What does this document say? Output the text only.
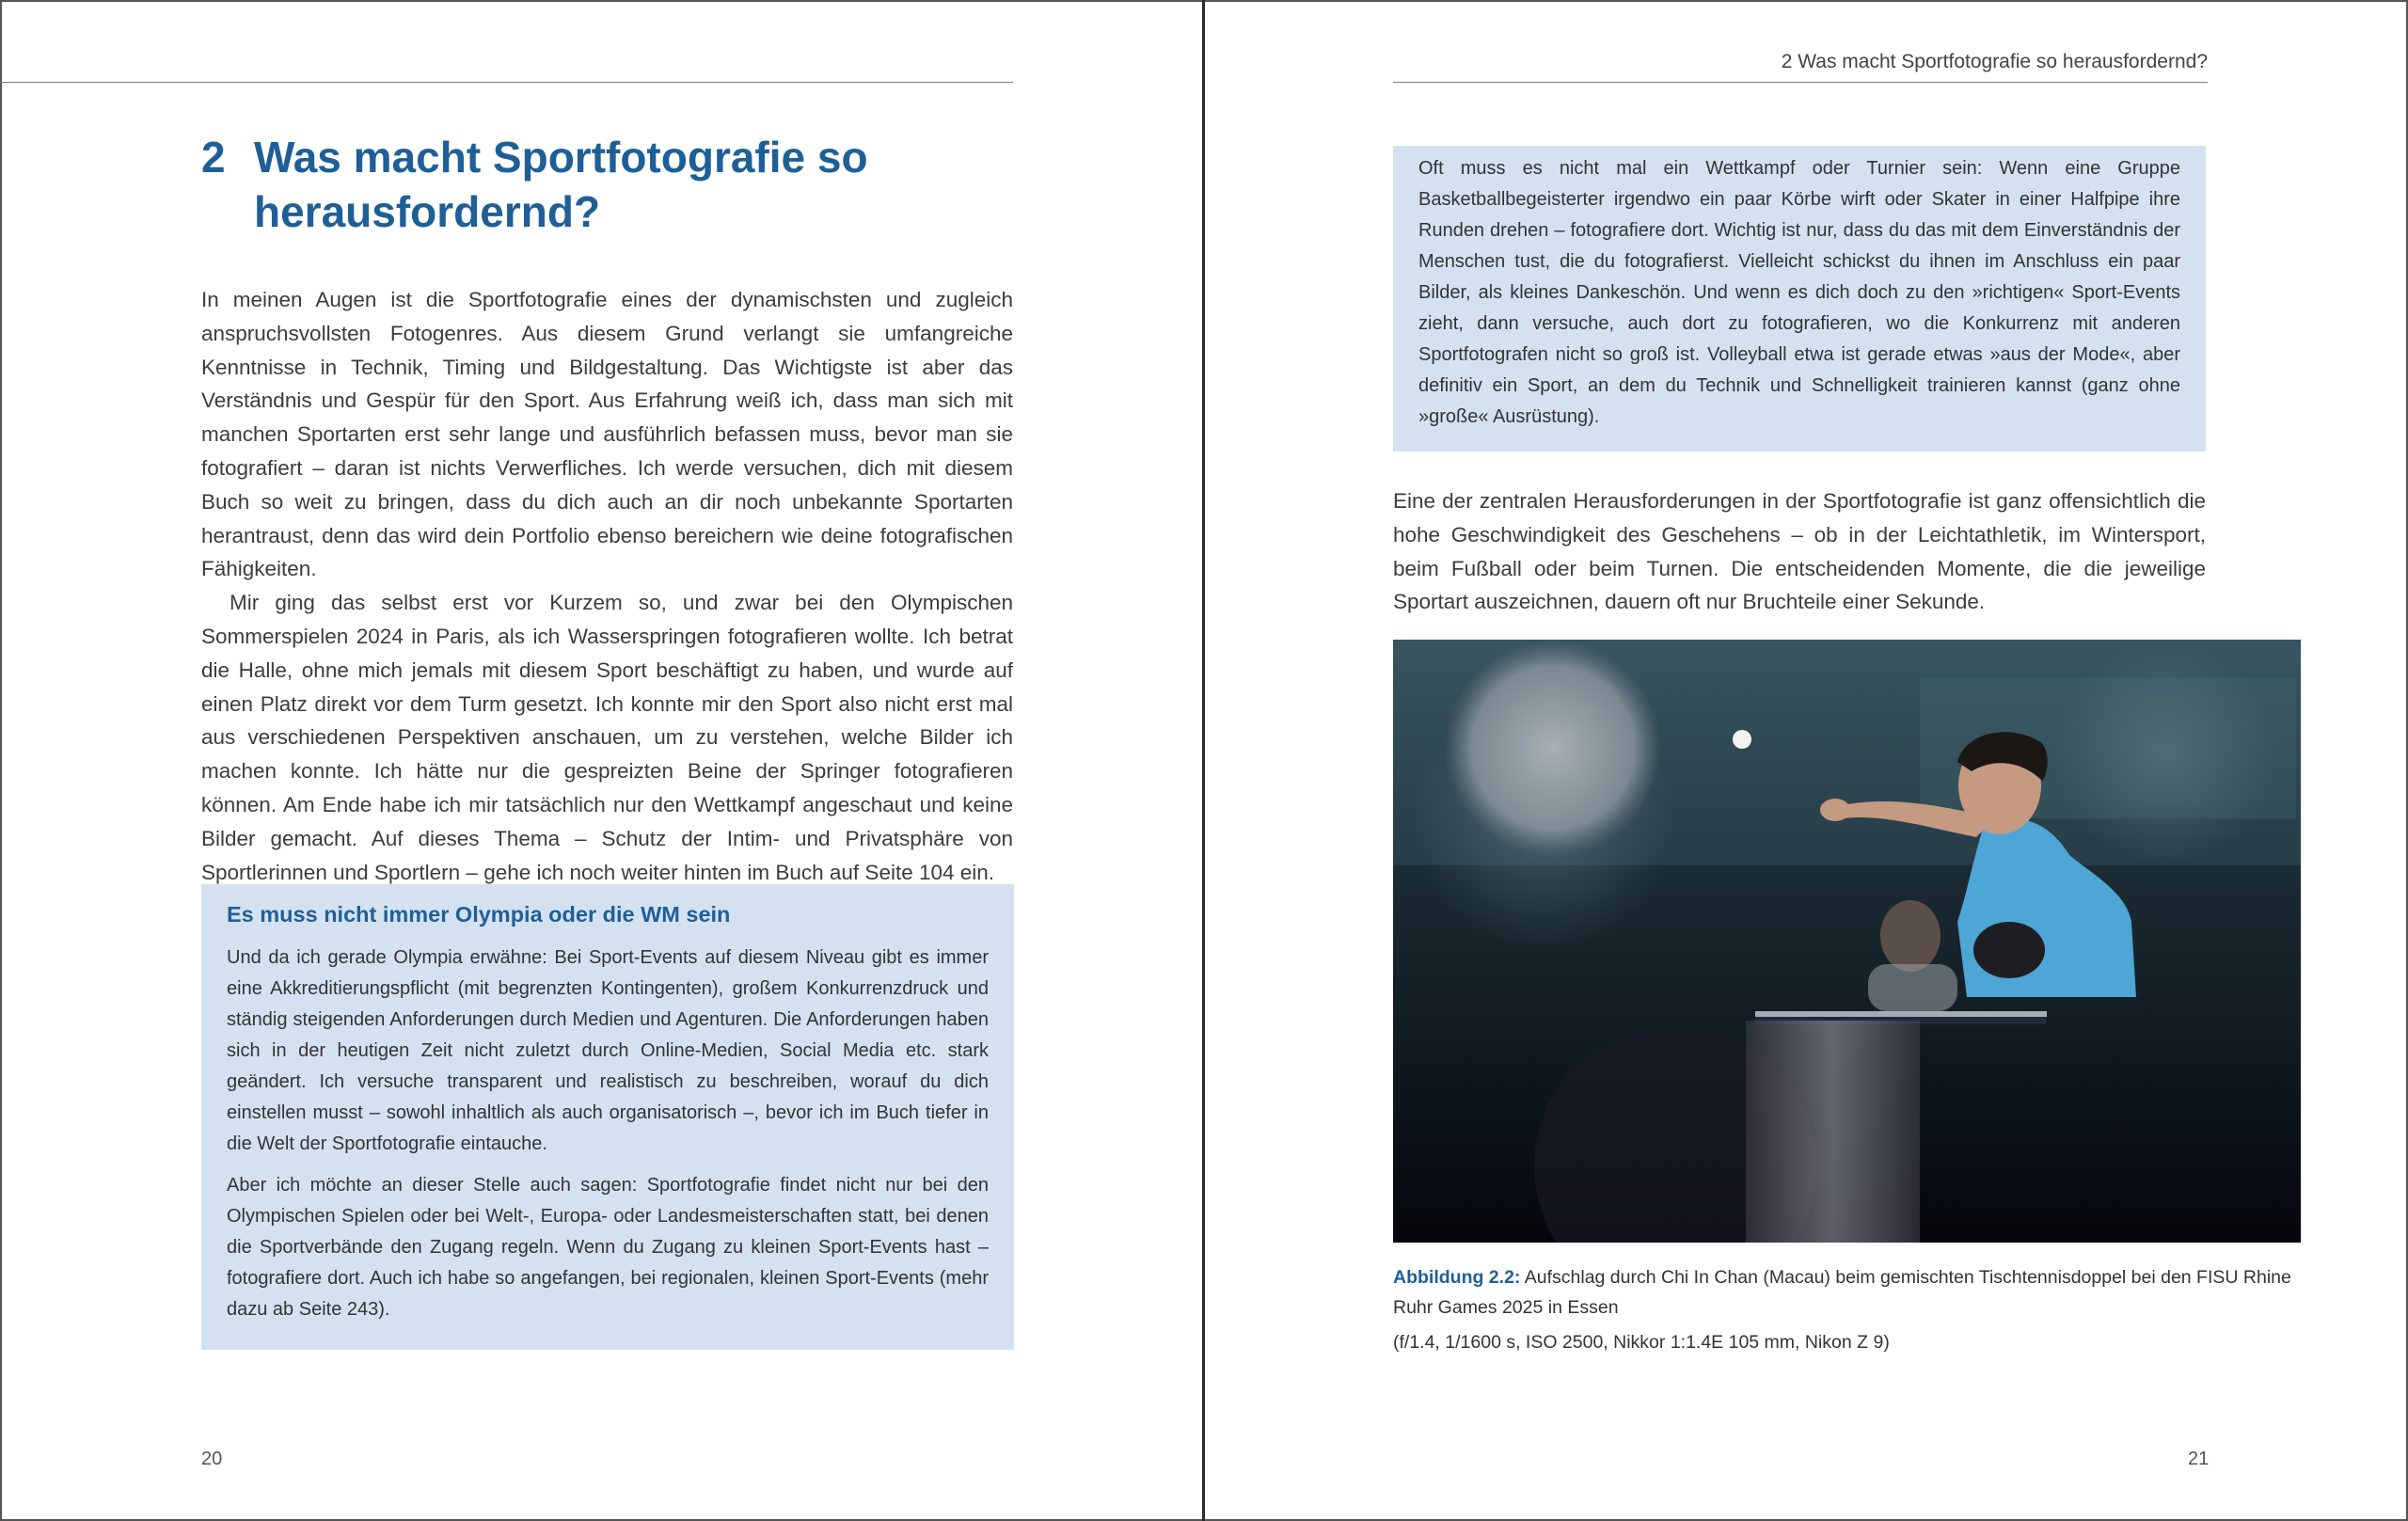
2 Was macht Sportfotografie so herausfordernd?

In meinen Augen ist die Sportfotografie eines der dynamischsten und zugleich anspruchsvollsten Fotogenres. Aus diesem Grund verlangt sie umfangreiche Kenntnisse in Technik, Timing und Bildgestaltung. Das Wichtigste ist aber das Verständnis und Gespür für den Sport. Aus Erfahrung weiß ich, dass man sich mit manchen Sportarten erst sehr lange und ausführlich befassen muss, bevor man sie fotografiert – daran ist nichts Verwerfliches. Ich werde versuchen, dich mit diesem Buch so weit zu bringen, dass du dich auch an dir noch unbekannte Sportarten herantraust, denn das wird dein Portfolio ebenso bereichern wie deine fotografischen Fähigkeiten.

Mir ging das selbst erst vor Kurzem so, und zwar bei den Olympischen Sommerspielen 2024 in Paris, als ich Wasserspringen fotografieren wollte. Ich betrat die Halle, ohne mich jemals mit diesem Sport beschäftigt zu haben, und wurde auf einen Platz direkt vor dem Turm gesetzt. Ich konnte mir den Sport also nicht erst mal aus verschiedenen Perspektiven anschauen, um zu verstehen, welche Bilder ich machen konnte. Ich hätte nur die gespreizten Beine der Springer fotografieren können. Am Ende habe ich mir tatsächlich nur den Wettkampf angeschaut und keine Bilder gemacht. Auf dieses Thema – Schutz der Intim- und Privatsphäre von Sportlerinnen und Sportlern – gehe ich noch weiter hinten im Buch auf Seite 104 ein.

Es muss nicht immer Olympia oder die WM sein

Und da ich gerade Olympia erwähne: Bei Sport-Events auf diesem Niveau gibt es immer eine Akkreditierungspflicht (mit begrenzten Kontingenten), großem Konkurrenzdruck und ständig steigenden Anforderungen durch Medien und Agenturen. Die Anforderungen haben sich in der heutigen Zeit nicht zuletzt durch Online-Medien, Social Media etc. stark geändert. Ich versuche transparent und realistisch zu beschreiben, worauf du dich einstellen musst – sowohl inhaltlich als auch organisatorisch –, bevor ich im Buch tiefer in die Welt der Sportfotografie eintauche.

Aber ich möchte an dieser Stelle auch sagen: Sportfotografie findet nicht nur bei den Olympischen Spielen oder bei Welt-, Europa- oder Landesmeisterschaften statt, bei denen die Sportverbände den Zugang regeln. Wenn du Zugang zu kleinen Sport-Events hast – fotografiere dort. Auch ich habe so angefangen, bei regionalen, kleinen Sport-Events (mehr dazu ab Seite 243).

20
2 Was macht Sportfotografie so herausfordernd?

Oft muss es nicht mal ein Wettkampf oder Turnier sein: Wenn eine Gruppe Basketballbegeisterter irgendwo ein paar Körbe wirft oder Skater in einer Halfpipe ihre Runden drehen – fotografiere dort. Wichtig ist nur, dass du das mit dem Einverständnis der Menschen tust, die du fotografierst. Vielleicht schickst du ihnen im Anschluss ein paar Bilder, als kleines Dankeschön. Und wenn es dich doch zu den »richtigen« Sport-Events zieht, dann versuche, auch dort zu fotografieren, wo die Konkurrenz mit anderen Sportfotografen nicht so groß ist. Volleyball etwa ist gerade etwas »aus der Mode«, aber definitiv ein Sport, an dem du Technik und Schnelligkeit trainieren kannst (ganz ohne »große« Ausrüstung).

Eine der zentralen Herausforderungen in der Sportfotografie ist ganz offensichtlich die hohe Geschwindigkeit des Geschehens – ob in der Leichtathletik, im Wintersport, beim Fußball oder beim Turnen. Die entscheidenden Momente, die die jeweilige Sportart auszeichnen, dauern oft nur Bruchteile einer Sekunde.

Abbildung 2.2: Aufschlag durch Chi In Chan (Macau) beim gemischten Tischtennisdoppel bei den FISU Rhine Ruhr Games 2025 in Essen

(f/1.4, 1/1600 s, ISO 2500, Nikkor 1:1.4E 105 mm, Nikon Z 9)

21
